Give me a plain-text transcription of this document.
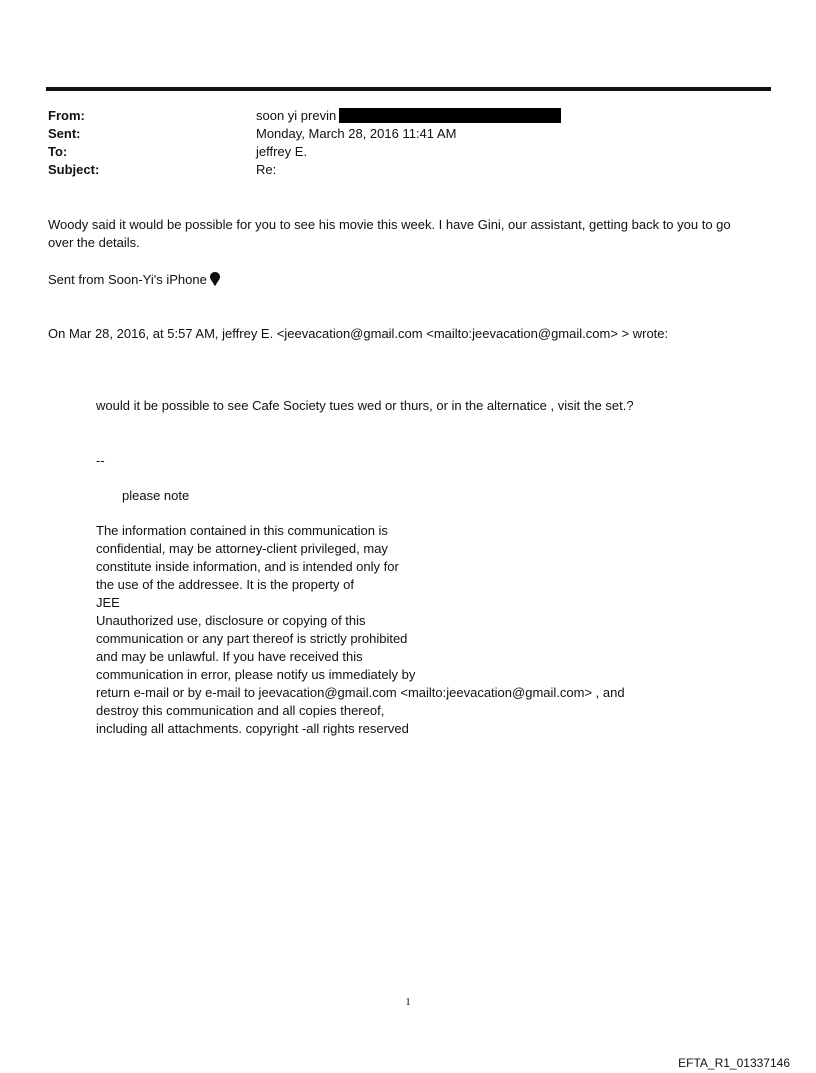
From:	soon yi previn
Sent:	Monday, March 28, 2016 11:41 AM
To:	jeffrey E.
Subject:	Re:
Woody said it would be possible for you to see his movie this week. I have Gini, our assistant, getting back to you to go
over the details.
Sent from Soon-Yi's iPhone
On Mar 28, 2016, at 5:57 AM, jeffrey E. <jeevacation@gmail.com <mailto:jeevacation@gmail.com> > wrote:
would it be possible to see Cafe Society tues wed or thurs, or in the alternatice , visit the set.?
--
please note
The information contained in this communication is
confidential, may be attorney-client privileged, may
constitute inside information, and is intended only for
the use of the addressee. It is the property of
JEE
Unauthorized use, disclosure or copying of this
communication or any part thereof is strictly prohibited
and may be unlawful. If you have received this
communication in error, please notify us immediately by
return e-mail or by e-mail to jeevacation@gmail.com <mailto:jeevacation@gmail.com> , and
destroy this communication and all copies thereof,
including all attachments. copyright -all rights reserved
1
EFTA_R1_01337146
